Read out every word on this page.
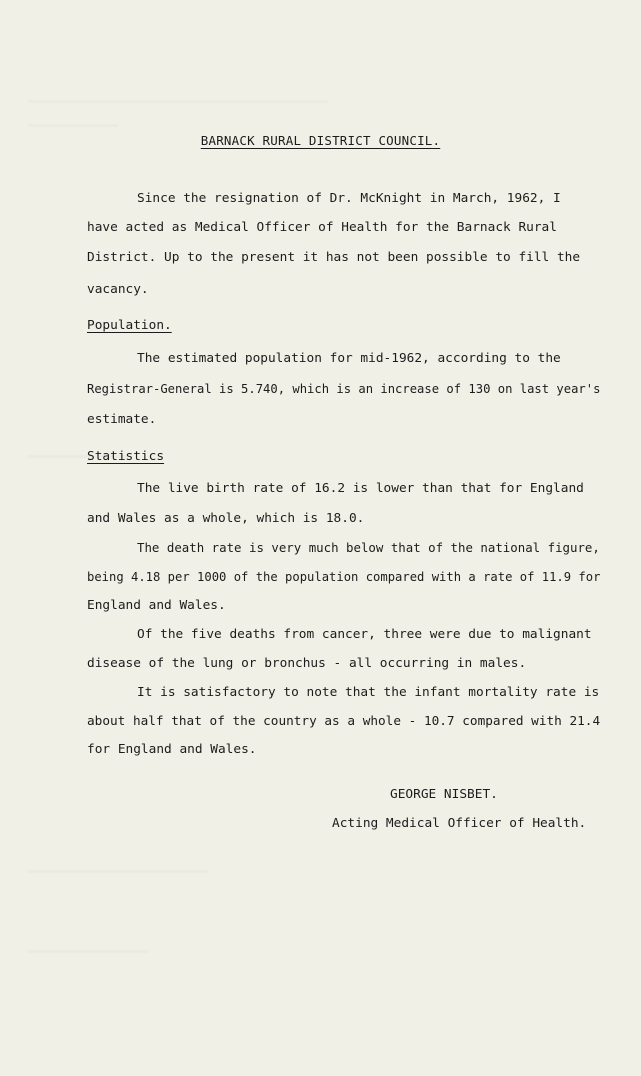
BARNACK RURAL DISTRICT COUNCIL.
Since the resignation of Dr. McKnight in March, 1962, I
have acted as Medical Officer of Health for the Barnack Rural
District. Up to the present it has not been possible to fill the
vacancy.
Population.
The estimated population for mid-1962, according to the
Registrar-General is 5.740, which is an increase of 130 on last year's
estimate.
Statistics
The live birth rate of 16.2 is lower than that for England
and Wales as a whole, which is 18.0.
The death rate is very much below that of the national figure,
being 4.18 per 1000 of the population compared with a rate of 11.9 for
England and Wales.
Of the five deaths from cancer, three were due to malignant
disease of the lung or bronchus - all occurring in males.
It is satisfactory to note that the infant mortality rate is
about half that of the country as a whole - 10.7 compared with 21.4
for England and Wales.
GEORGE NISBET.
Acting Medical Officer of Health.
